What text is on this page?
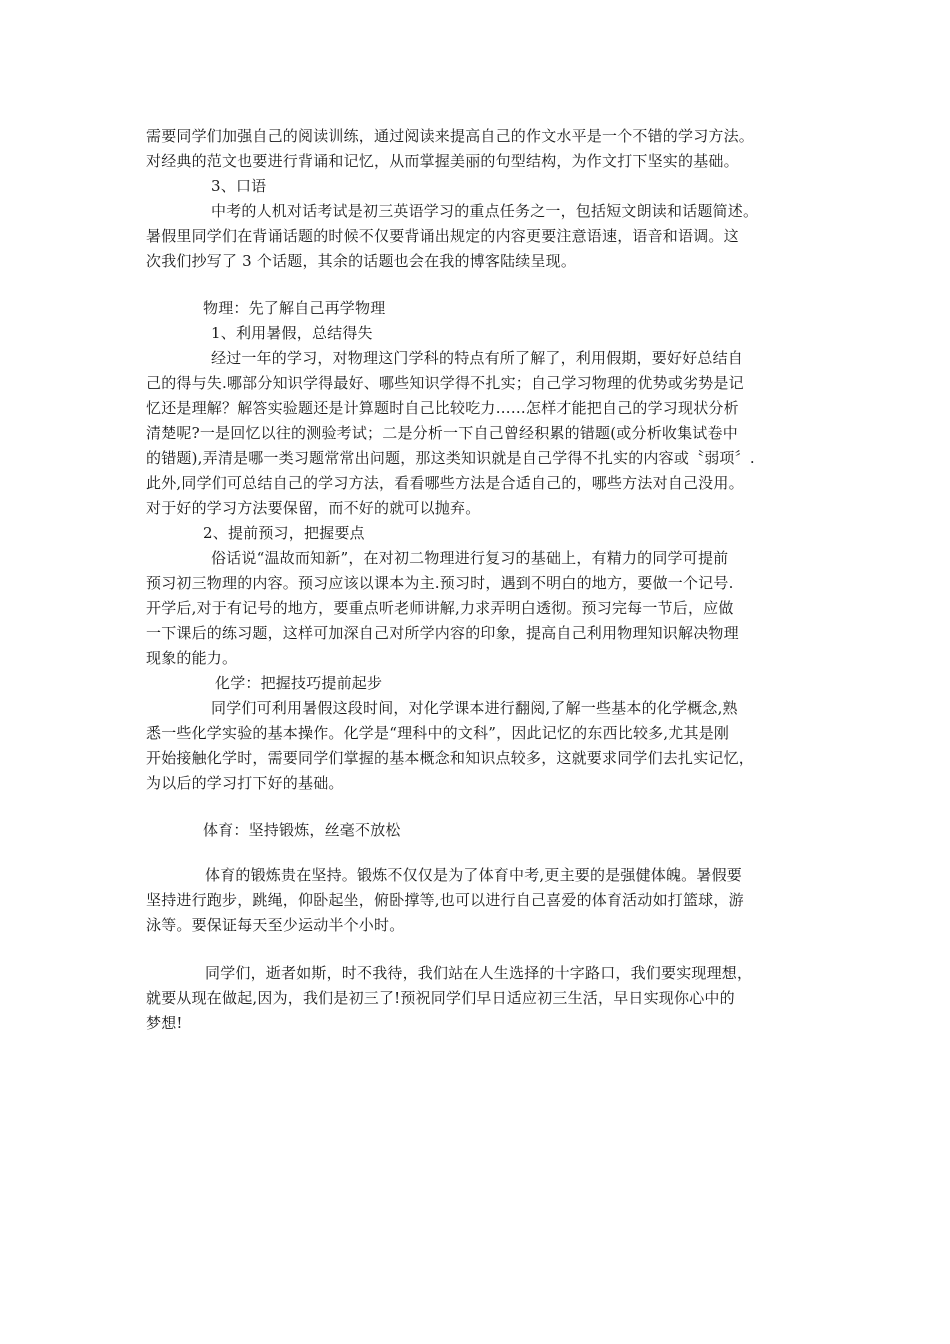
需要同学们加强自己的阅读训练，通过阅读来提高自己的作文水平是一个不错的学习方法。
对经典的范文也要进行背诵和记忆，从而掌握美丽的句型结构，为作文打下坚实的基础。
3、口语
中考的人机对话考试是初三英语学习的重点任务之一，包括短文朗读和话题简述。
暑假里同学们在背诵话题的时候不仅要背诵出规定的内容更要注意语速，语音和语调。这
次我们抄写了 3 个话题，其余的话题也会在我的博客陆续呈现。
物理：先了解自己再学物理
1、利用暑假，总结得失
经过一年的学习，对物理这门学科的特点有所了解了，利用假期，要好好总结自
己的得与失.哪部分知识学得最好、哪些知识学得不扎实；自己学习物理的优势或劣势是记
忆还是理解？解答实验题还是计算题时自己比较吃力……怎样才能把自己的学习现状分析
清楚呢?一是回忆以往的测验考试；二是分析一下自己曾经积累的错题(或分析收集试卷中
的错题),弄清是哪一类习题常常出问题，那这类知识就是自己学得不扎实的内容或〝弱项〞.
此外,同学们可总结自己的学习方法，看看哪些方法是合适自己的，哪些方法对自己没用。
对于好的学习方法要保留，而不好的就可以抛弃。
2、提前预习，把握要点
俗话说“温故而知新”，在对初二物理进行复习的基础上，有精力的同学可提前
预习初三物理的内容。预习应该以课本为主.预习时，遇到不明白的地方，要做一个记号.
开学后,对于有记号的地方，要重点听老师讲解,力求弄明白透彻。预习完每一节后，应做
一下课后的练习题，这样可加深自己对所学内容的印象，提高自己利用物理知识解决物理
现象的能力。
化学：把握技巧提前起步
同学们可利用暑假这段时间，对化学课本进行翻阅,了解一些基本的化学概念,熟
悉一些化学实验的基本操作。化学是“理科中的文科”，因此记忆的东西比较多,尤其是刚
开始接触化学时，需要同学们掌握的基本概念和知识点较多，这就要求同学们去扎实记忆，
为以后的学习打下好的基础。
体育：坚持锻炼，丝毫不放松
体育的锻炼贵在坚持。锻炼不仅仅是为了体育中考,更主要的是强健体魄。暑假要
坚持进行跑步，跳绳，仰卧起坐，俯卧撑等,也可以进行自己喜爱的体育活动如打篮球，游
泳等。要保证每天至少运动半个小时。
同学们，逝者如斯，时不我待，我们站在人生选择的十字路口，我们要实现理想，
就要从现在做起,因为，我们是初三了!预祝同学们早日适应初三生活，早日实现你心中的
梦想!
